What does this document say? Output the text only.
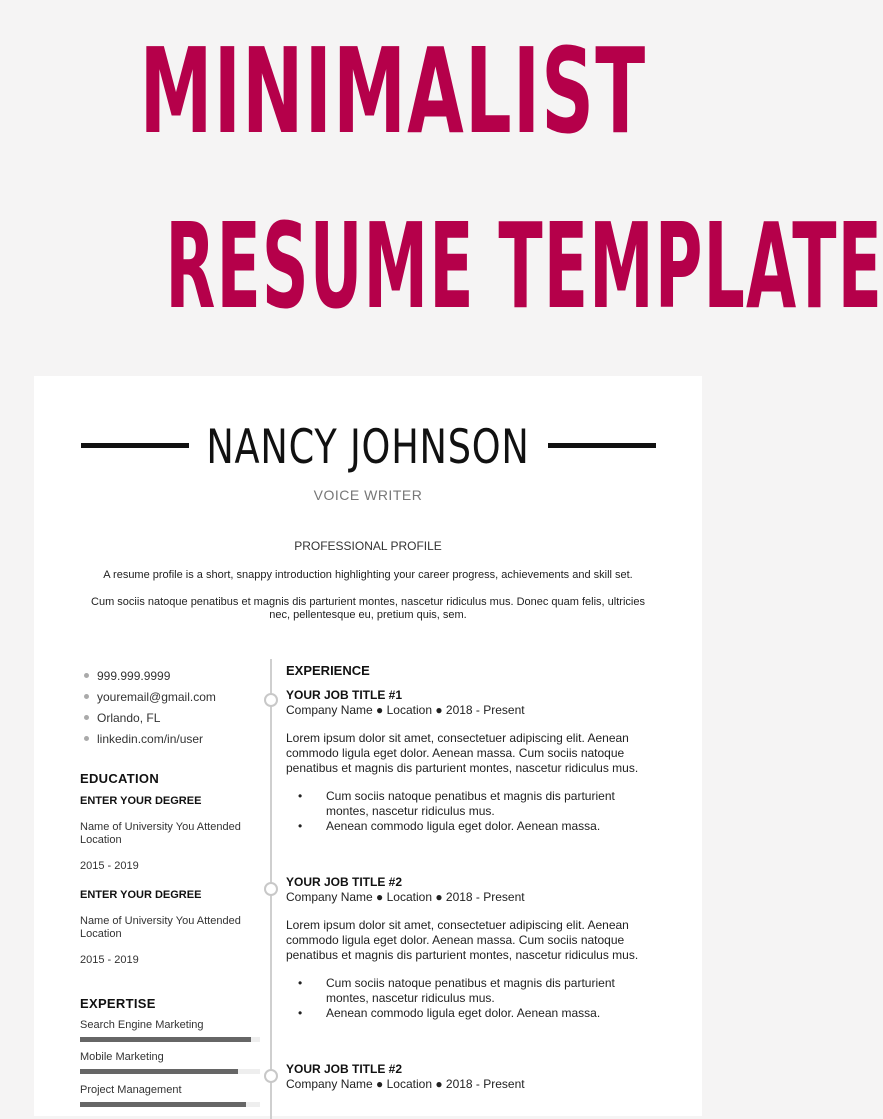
MINIMALIST
RESUME TEMPLATE
NANCY JOHNSON
VOICE WRITER
PROFESSIONAL PROFILE
A resume profile is a short, snappy introduction highlighting your career progress, achievements and skill set.
Cum sociis natoque penatibus et magnis dis parturient montes, nascetur ridiculus mus. Donec quam felis, ultricies nec, pellentesque eu, pretium quis, sem.
999.999.9999
youremail@gmail.com
Orlando, FL
linkedin.com/in/user
EDUCATION
ENTER YOUR DEGREE
Name of University You Attended Location
2015 - 2019
ENTER YOUR DEGREE
Name of University You Attended Location
2015 - 2019
EXPERTISE
Search Engine Marketing
Mobile Marketing
Project Management
EXPERIENCE
YOUR JOB TITLE #1
Company Name ● Location ● 2018 - Present
Lorem ipsum dolor sit amet, consectetuer adipiscing elit. Aenean commodo ligula eget dolor. Aenean massa. Cum sociis natoque penatibus et magnis dis parturient montes, nascetur ridiculus mus.
• Cum sociis natoque penatibus et magnis dis parturient montes, nascetur ridiculus mus.
• Aenean commodo ligula eget dolor. Aenean massa.
YOUR JOB TITLE #2
Company Name ● Location ● 2018 - Present
Lorem ipsum dolor sit amet, consectetuer adipiscing elit. Aenean commodo ligula eget dolor. Aenean massa. Cum sociis natoque penatibus et magnis dis parturient montes, nascetur ridiculus mus.
• Cum sociis natoque penatibus et magnis dis parturient montes, nascetur ridiculus mus.
• Aenean commodo ligula eget dolor. Aenean massa.
YOUR JOB TITLE #2
Company Name ● Location ● 2018 - Present
